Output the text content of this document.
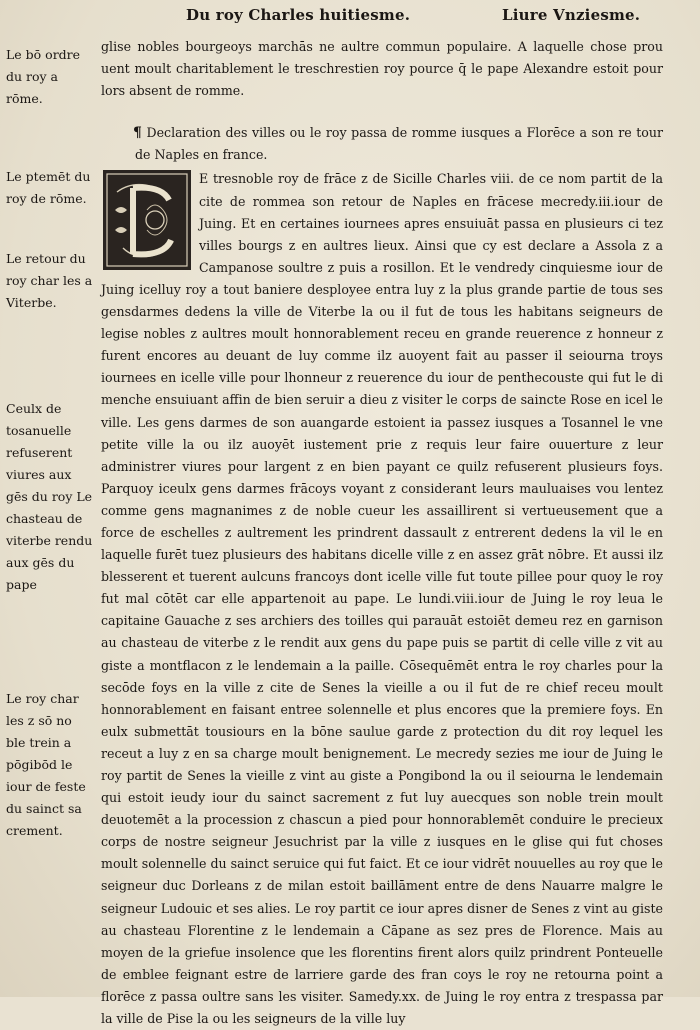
Du roy Charles huitiesme.	Liure Vnziesme.
Le bō ordre du roy a rōme.
Le ptemēt du roy de rōme.
Le retour du roy char les a Viterbe.
Ceulx de tosanuelle refuserent viures aux gēs du roy Le chasteau de viterbe rendu aux gēs du pape
Le roy char les z sō no ble trein a pōgibōd le iour de feste du sainct sa crement.

glise nobles bourgeoys marchās ne aultre commun populaire. A laquelle chose prou uent moult charitablement le treschrestien roy pource q̄ le pape Alexandre estoit pour lors absent de romme.

¶ Declaration des villes ou le roy passa de romme iusques a Florēce a son re tour de Naples en france.

E tresnoble roy de frāce z de Sicille Charles viii. de ce nom partit de la cite de rommea son retour de Naples en frācese mecredy.iii.iour de Juing. Et en certaines iournees apres ensuiuāt passa en plusieurs ci tez villes bourgs z en aultres lieux. Ainsi que cy est declare a Assola z a Campanose soultre z puis a rosillon. Et le vendredy cinquiesme iour de Juing icelluy roy a tout baniere desployee entra luy z la plus grande partie de tous ses gensdarmes dedens la ville de Viterbe la ou il fut de tous les habitans seigneurs de legise nobles z aultres moult honnorablement receu en grande reuerence z honneur z furent encores au deuant de luy comme ilz auoyent fait au passer il seiourna troys iournees en icelle ville pour lhonneur z reuerence du iour de penthecouste qui fut le di menche ensuiuant affin de bien seruir a dieu z visiter le corps de saincte Rose en icel le ville. Les gens darmes de son auangarde estoient ia passez iusques a Tosannel le vne petite ville la ou ilz auoyēt iustement prie z requis leur faire ouuerture z leur administrer viures pour largent z en bien payant ce quilz refuserent plusieurs foys. Parquoy iceulx gens darmes frācoys voyant z considerant leurs mauluaises vou lentez comme gens magnanimes z de noble cueur les assaillirent si vertueusement que a force de eschelles z aultrement les prindrent dassault z entrerent dedens la vil le en laquelle furēt tuez plusieurs des habitans dicelle ville z en assez grāt nōbre. Et aussi ilz blesserent et tuerent aulcuns francoys dont icelle ville fut toute pillee pour quoy le roy fut mal cōtēt car elle appartenoit au pape. Le lundi.viii.iour de Juing le roy leua le capitaine Gauache z ses archiers des toilles qui parauāt estoiēt demeu rez en garnison au chasteau de viterbe z le rendit aux gens du pape puis se partit di celle ville z vit au giste a montflacon z le lendemain a la paille. Cōsequēmēt entra le roy charles pour la secōde foys en la ville z cite de Senes la vieille a ou il fut de re chief receu moult honnorablement en faisant entree solennelle et plus encores que la premiere foys. En eulx submettāt tousiours en la bōne saulue garde z protection du dit roy lequel les receut a luy z en sa charge moult benignement. Le mecredy sezies me iour de Juing le roy partit de Senes la vieille z vint au giste a Pongibond la ou il seiourna le lendemain qui estoit ieudy iour du sainct sacrement z fut luy auecques son noble trein moult deuotemēt a la procession z chascun a pied pour honnorablemēt conduire le precieux corps de nostre seigneur Jesuchrist par la ville z iusques en le glise qui fut choses moult solennelle du sainct seruice qui fut faict. Et ce iour vidrēt nouuelles au roy que le seigneur duc Dorleans z de milan estoit baillāment entre de dens Nauarre malgre le seigneur Ludouic et ses alies. Le roy partit ce iour apres disner de Senes z vint au giste au chasteau Florentine z le lendemain a Cāpane as sez pres de Florence. Mais au moyen de la griefue insolence que les florentins firent alors quilz prindrent Ponteuelle de emblee feignant estre de larriere garde des fran coys le roy ne retourna point a florēce z passa oultre sans les visiter. Samedy.xx. de Juing le roy entra z trespassa par la ville de Pise la ou les seigneurs de la ville luy
